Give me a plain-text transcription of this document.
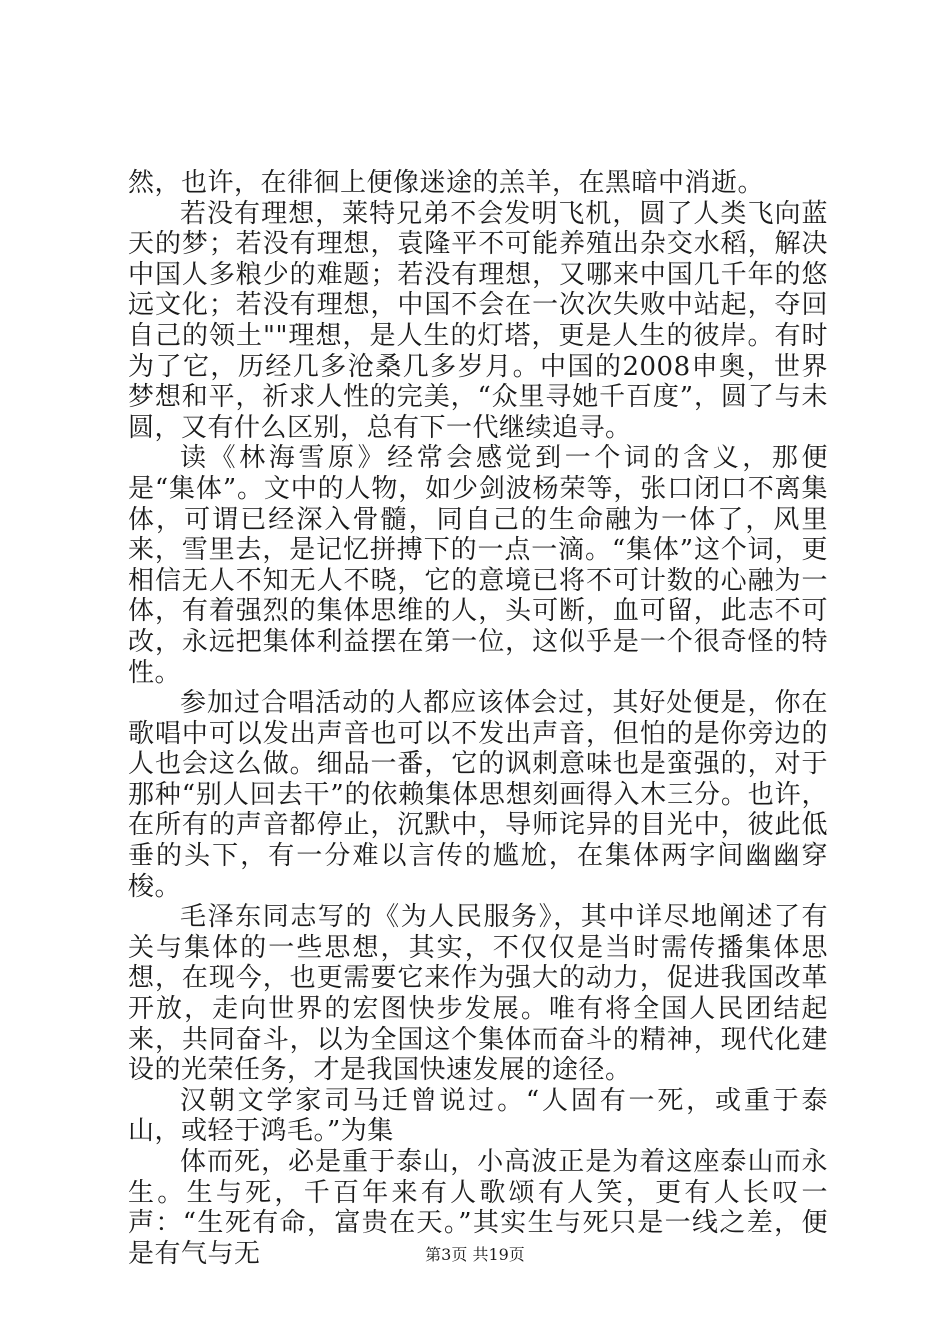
然，也许，在徘徊上便像迷途的羔羊，在黑暗中消逝。

若没有理想，莱特兄弟不会发明飞机，圆了人类飞向蓝天的梦；若没有理想，袁隆平不可能养殖出杂交水稻，解决中国人多粮少的难题；若没有理想，又哪来中国几千年的悠远文化；若没有理想，中国不会在一次次失败中站起，夺回自己的领土""理想，是人生的灯塔，更是人生的彼岸。有时为了它，历经几多沧桑几多岁月。中国的2008申奥，世界梦想和平，祈求人性的完美，“众里寻她千百度”，圆了与未圆，又有什么区别，总有下一代继续追寻。

读《林海雪原》经常会感觉到一个词的含义，那便是“集体”。文中的人物，如少剑波杨荣等，张口闭口不离集体，可谓已经深入骨髓，同自己的生命融为一体了，风里来，雪里去，是记忆拼搏下的一点一滴。“集体”这个词，更相信无人不知无人不晓，它的意境已将不可计数的心融为一体，有着强烈的集体思维的人，头可断，血可留，此志不可改，永远把集体利益摆在第一位，这似乎是一个很奇怪的特性。

参加过合唱活动的人都应该体会过，其好处便是，你在歌唱中可以发出声音也可以不发出声音，但怕的是你旁边的人也会这么做。细品一番，它的讽刺意味也是蛮强的，对于那种“别人回去干”的依赖集体思想刻画得入木三分。也许，在所有的声音都停止，沉默中，导师诧异的目光中，彼此低垂的头下，有一分难以言传的尴尬，在集体两字间幽幽穿梭。

毛泽东同志写的《为人民服务》，其中详尽地阐述了有关与集体的一些思想，其实，不仅仅是当时需传播集体思想，在现今，也更需要它来作为强大的动力，促进我国改革开放，走向世界的宏图快步发展。唯有将全国人民团结起来，共同奋斗，以为全国这个集体而奋斗的精神，现代化建设的光荣任务，才是我国快速发展的途径。

汉朝文学家司马迁曾说过。“人固有一死，或重于泰山，或轻于鸿毛。”为集

体而死，必是重于泰山，小高波正是为着这座泰山而永生。生与死，千百年来有人歌颂有人笑，更有人长叹一声：“生死有命，富贵在天。”其实生与死只是一线之差，便是有气与无	第3页 共19页
